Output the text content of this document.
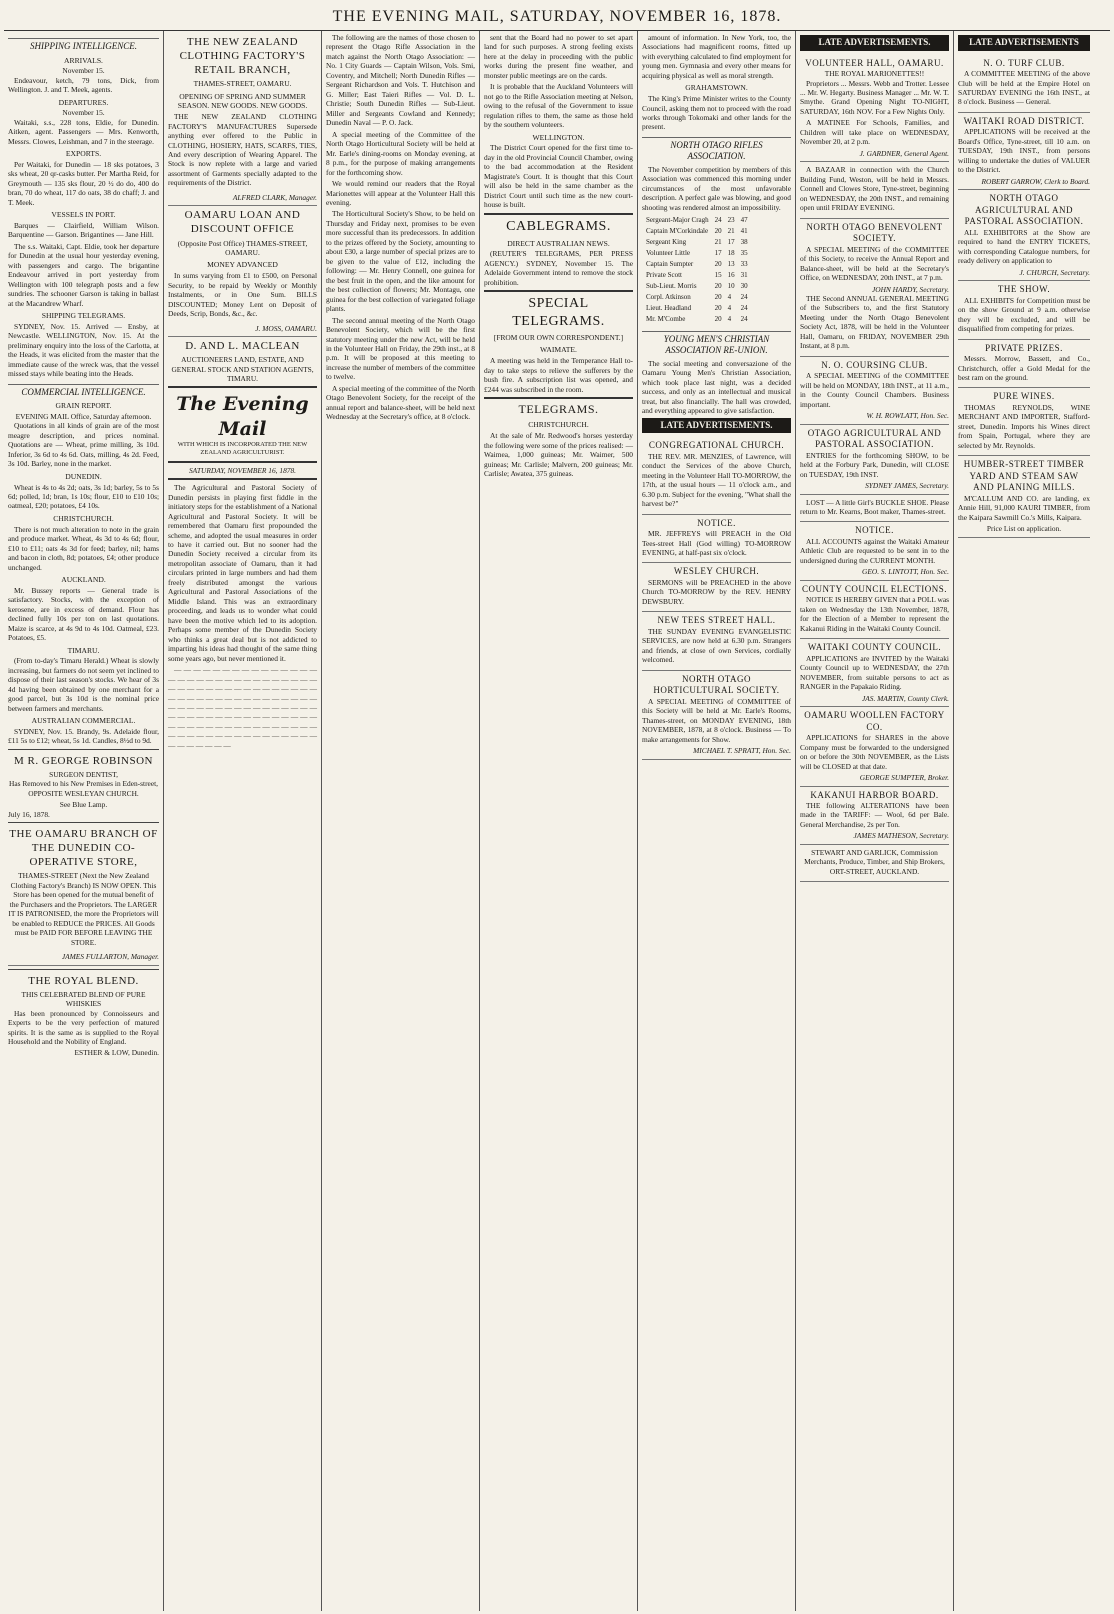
THE EVENING MAIL, SATURDAY, NOVEMBER 16, 1878.
SHIPPING INTELLIGENCE.
ARRIVALS.
November 15.

Endeavour, ketch, 79 tons, Dick, from Wellington. J. and T. Meek, agents.

DEPARTURES.
November 15.

Waitaki, s.s., 228 tons, Eldie, for Dunedin. Aitken, agent. Passengers — Mrs. Kenworth, Messrs. Clowes, Leishman, and 7 in the steerage.

EXPORTS.

Per Waitaki, for Dunedin — 18 sks potatoes, 3 sks wheat, 20 qr-casks butter. Per Martha Reid, for Greymouth — 135 sks flour, 20 ½ do do, 400 do bran, 70 do wheat, 117 do oats, 38 do chaff; J. and T. Meek.

VESSELS IN PORT.

Barques — Clairfield, William Wilson. Barquentine — Garson. Brigantines — Jane Hill.

The s.s. Waitaki, Capt. Eldie, took her departure for Dunedin at the usual hour yesterday evening, with passengers and cargo. The brigantine Endeavour arrived in port yesterday from Wellington with 100 telegraph posts and a few sundries. The schooner Garson is taking in ballast at the Macandrew Wharf.

SHIPPING TELEGRAMS.

SYDNEY, Nov. 15. Arrived — Ensby, at Newcastle. WELLINGTON, Nov. 15. At the preliminary enquiry into the loss of the Carlotta, at the Heads, it was elicited from the master that the immediate cause of the wreck was, that the vessel missed stays while beating into the Heads.

COMMERCIAL INTELLIGENCE.
GRAIN REPORT.
EVENING MAIL Office, Saturday afternoon.

Quotations in all kinds of grain are of the most meagre description, and prices nominal. Quotations are — Wheat, prime milling, 3s 10d. Inferior, 3s 6d to 4s 6d. Oats, milling, 4s 2d. Feed, 3s 10d. Barley, none in the market.

DUNEDIN.

Wheat is 4s to 4s 2d; oats, 3s 1d; barley, 5s to 5s 6d; polled, 1d; bran, 1s 10s; flour, £10 to £10 10s; oatmeal, £20; potatoes, £4 10s.

CHRISTCHURCH.

There is not much alteration to note in the grain and produce market. Wheat, 4s 3d to 4s 6d; flour, £10 to £11; oats 4s 3d for feed; barley, nil; hams and bacon in cloth, 8d; potatoes, £4; other produce unchanged.

AUCKLAND.

Mr. Bussey reports — General trade is satisfactory. Stocks, with the exception of kerosene, are in excess of demand. Flour has declined fully 10s per ton on last quotations. Maize is scarce, at 4s 9d to 4s 10d. Oatmeal, £23. Potatoes, £5.

TIMARU.

(From to-day's Timaru Herald.) Wheat is slowly increasing, but farmers do not seem yet inclined to dispose of their last season's stocks. We hear of 3s 4d having been obtained by one merchant for a good parcel, but 3s 10d is the nominal price between farmers and merchants.

AUSTRALIAN COMMERCIAL.

SYDNEY, Nov. 15. Brandy, 9s. Adelaide flour, £11 5s to £12; wheat, 5s 1d. Candles, 8½d to 9d.

M R. GEORGE ROBINSON
SURGEON DENTIST,

Has Removed to his New Premises in Eden-street, OPPOSITE WESLEYAN CHURCH.

See Blue Lamp.
July 16, 1878.
THE OAMARU BRANCH OF THE DUNEDIN CO-OPERATIVE STORE,

THAMES-STREET (Next the New Zealand Clothing Factory's Branch) IS NOW OPEN. This Store has been opened for the mutual benefit of the Purchasers and the Proprietors. The LARGER IT IS PATRONISED, the more the Proprietors will be enabled to REDUCE the PRICES. All Goods must be PAID FOR BEFORE LEAVING THE STORE.

JAMES FULLARTON, Manager.
THE ROYAL BLEND.
THIS CELEBRATED BLEND OF PURE WHISKIES

Has been pronounced by Connoisseurs and Experts to be the very perfection of matured spirits. It is the same as is supplied to the Royal Household and the Nobility of England.

ESTHER & LOW, Dunedin.
THE NEW ZEALAND CLOTHING FACTORY'S RETAIL BRANCH,
THAMES-STREET, OAMARU.
OPENING OF SPRING AND SUMMER SEASON. NEW GOODS. NEW GOODS.

THE NEW ZEALAND CLOTHING FACTORY'S MANUFACTURES Supersede anything ever offered to the Public in CLOTHING, HOSIERY, HATS, SCARFS, TIES, And every description of Wearing Apparel. The Stock is now replete with a large and varied assortment of Garments specially adapted to the requirements of the District.

ALFRED CLARK, Manager.
OAMARU LOAN AND DISCOUNT OFFICE
(Opposite Post Office) THAMES-STREET, OAMARU.
MONEY ADVANCED

In sums varying from £1 to £500, on Personal Security, to be repaid by Weekly or Monthly Instalments, or in One Sum. BILLS DISCOUNTED; Money Lent on Deposit of Deeds, Scrip, Bonds, &c., &c.

J. MOSS, OAMARU.
D. AND L. MACLEAN

AUCTIONEERS LAND, ESTATE, AND GENERAL STOCK AND STATION AGENTS, TIMARU.

The Evening Mail
WITH WHICH IS INCORPORATED THE NEW ZEALAND AGRICULTURIST.
SATURDAY, NOVEMBER 16, 1878.

The Agricultural and Pastoral Society of Dunedin persists in playing first fiddle in the initiatory steps for the establishment of a National Agricultural and Pastoral Society. It will be remembered that Oamaru first propounded the scheme, and adopted the usual measures in order to have it carried out. But no sooner had the Dunedin Society received a circular from its metropolitan associate of Oamaru, than it had circulars printed in large numbers and had them freely distributed amongst the various Agricultural and Pastoral Associations of the Middle Island. This was an extraordinary proceeding, and leads us to wonder what could have been the motive which led to its adoption. Perhaps some member of the Dunedin Society who thinks a great deal but is not addicted to imparting his ideas had thought of the same thing some years ago, but never mentioned it.

— — — — — — — — — — — — — — — — — — — — — — — — — — — — — — — — — — — — — — — — — — — — — — — — — — — — — — — — — — — — — — — — — — — — — — — — — — — — — — — — — — — — — — — — — — — — — — — — — — — — — — — — — — — — — — — — — — — — — — — — — — — — — — — — — — — — — —

The following are the names of those chosen to represent the Otago Rifle Association in the match against the North Otago Association: — No. 1 City Guards — Captain Wilson, Vols. Smi, Coventry, and Mitchell; North Dunedin Rifles — Sergeant Richardson and Vols. T. Hutchison and G. Miller; East Taieri Rifles — Vol. D. L. Christie; South Dunedin Rifles — Sub-Lieut. Miller and Sergeants Cowland and Kennedy; Dunedin Naval — P. O. Jack.

A special meeting of the Committee of the North Otago Horticultural Society will be held at Mr. Earle's dining-rooms on Monday evening, at 8 p.m., for the purpose of making arrangements for the forthcoming show.

We would remind our readers that the Royal Marionettes will appear at the Volunteer Hall this evening.

The Horticultural Society's Show, to be held on Thursday and Friday next, promises to be even more successful than its predecessors. In addition to the prizes offered by the Society, amounting to about £30, a large number of special prizes are to be given to the value of £12, including the following: — Mr. Henry Connell, one guinea for the best fruit in the open, and the like amount for the best collection of flowers; Mr. Montagu, one guinea for the best collection of variegated foliage plants.

The second annual meeting of the North Otago Benevolent Society, which will be the first statutory meeting under the new Act, will be held in the Volunteer Hall on Friday, the 29th inst., at 8 p.m. It will be proposed at this meeting to increase the number of members of the committee to twelve.

A special meeting of the committee of the North Otago Benevolent Society, for the receipt of the annual report and balance-sheet, will be held next Wednesday at the Secretary's office, at 8 o'clock.

sent that the Board had no power to set apart land for such purposes. A strong feeling exists here at the delay in proceeding with the public works during the present fine weather, and monster public meetings are on the cards.

It is probable that the Auckland Volunteers will not go to the Rifle Association meeting at Nelson, owing to the refusal of the Government to issue regulation rifles to them, the same as those held by the southern volunteers.

WELLINGTON.

The District Court opened for the first time to-day in the old Provincial Council Chamber, owing to the bad accommodation at the Resident Magistrate's Court. It is thought that this Court will also be held in the same chamber as the District Court until such time as the new court-house is built.

CABLEGRAMS.
DIRECT AUSTRALIAN NEWS.

(REUTER'S TELEGRAMS, PER PRESS AGENCY.) SYDNEY, November 15. The Adelaide Government intend to remove the stock prohibition.

SPECIAL TELEGRAMS.
[FROM OUR OWN CORRESPONDENT.]
WAIMATE.

A meeting was held in the Temperance Hall to-day to take steps to relieve the sufferers by the bush fire. A subscription list was opened, and £244 was subscribed in the room.

TELEGRAMS.
CHRISTCHURCH.

At the sale of Mr. Redwood's horses yesterday the following were some of the prices realised: — Waimea, 1,000 guineas; Mr. Waimer, 500 guineas; Mr. Carlisle; Malvern, 200 guineas; Mr. Carlisle; Awatea, 375 guineas.

amount of information. In New York, too, the Associations had magnificent rooms, fitted up with everything calculated to find employment for young men. Gymnasia and every other means for acquiring physical as well as moral strength.

GRAHAMSTOWN.

The King's Prime Minister writes to the County Council, asking them not to proceed with the road works through Tokomaki and other lands for the present.

NORTH OTAGO RIFLES ASSOCIATION.

The November competition by members of this Association was commenced this morning under circumstances of the most unfavorable description. A perfect gale was blowing, and good shooting was rendered almost an impossibility.

Sergeant-Major Cragh	24	23	47
Captain M'Corkindale	20	21	41
Sergeant King	21	17	38
Volunteer Little	17	18	35
Captain Sumpter	20	13	33
Private Scott	15	16	31
Sub-Lieut. Morris	20	10	30
Corpl. Atkinson	20	4	24
Lieut. Headland	20	4	24
Mr. M'Combe	20	4	24
YOUNG MEN'S CHRISTIAN ASSOCIATION RE-UNION.

The social meeting and conversazione of the Oamaru Young Men's Christian Association, which took place last night, was a decided success, and only as an intellectual and musical treat, but also financially. The hall was crowded, and everything appeared to give satisfaction.

LATE ADVERTISEMENTS.
CONGREGATIONAL CHURCH.

THE REV. MR. MENZIES, of Lawrence, will conduct the Services of the above Church, meeting in the Volunteer Hall TO-MORROW, the 17th, at the usual hours — 11 o'clock a.m., and 6.30 p.m. Subject for the evening, "What shall the harvest be?"

NOTICE.

MR. JEFFREYS will PREACH in the Old Tees-street Hall (God willing) TO-MORROW EVENING, at half-past six o'clock.

WESLEY CHURCH.

SERMONS will be PREACHED in the above Church TO-MORROW by the REV. HENRY DEWSBURY.

NEW TEES STREET HALL.

THE SUNDAY EVENING EVANGELISTIC SERVICES, are now held at 6.30 p.m. Strangers and friends, at close of own Services, cordially welcomed.

NORTH OTAGO HORTICULTURAL SOCIETY.

A SPECIAL MEETING of COMMITTEE of this Society will be held at Mr. Earle's Rooms, Thames-street, on MONDAY EVENING, 18th NOVEMBER, 1878, at 8 o'clock. Business — To make arrangements for Show.

MICHAEL T. SPRATT, Hon. Sec.
LATE ADVERTISEMENTS.
VOLUNTEER HALL, OAMARU.
THE ROYAL MARIONETTES!!

Proprietors ... Messrs. Webb and Trotter. Lessee ... Mr. W. Hegarty. Business Manager ... Mr. W. T. Smythe. Grand Opening Night TO-NIGHT, SATURDAY, 16th NOV. For a Few Nights Only.

A MATINEE For Schools, Families, and Children will take place on WEDNESDAY, November 20, at 2 p.m.

J. GARDNER, General Agent.

A BAZAAR in connection with the Church Building Fund, Weston, will be held in Messrs. Connell and Clowes Store, Tyne-street, beginning on WEDNESDAY, the 20th INST., and remaining open until FRIDAY EVENING.

NORTH OTAGO BENEVOLENT SOCIETY.

A SPECIAL MEETING of the COMMITTEE of this Society, to receive the Annual Report and Balance-sheet, will be held at the Secretary's Office, on WEDNESDAY, 20th INST., at 7 p.m.

JOHN HARDY, Secretary.

THE Second ANNUAL GENERAL MEETING of the Subscribers to, and the first Statutory Meeting under the North Otago Benevolent Society Act, 1878, will be held in the Volunteer Hall, Oamaru, on FRIDAY, NOVEMBER 29th Instant, at 8 p.m.

N. O. COURSING CLUB.

A SPECIAL MEETING of the COMMITTEE will be held on MONDAY, 18th INST., at 11 a.m., in the County Council Chambers. Business important.

W. H. ROWLATT, Hon. Sec.
OTAGO AGRICULTURAL AND PASTORAL ASSOCIATION.

ENTRIES for the forthcoming SHOW, to be held at the Forbury Park, Dunedin, will CLOSE on TUESDAY, 19th INST.

SYDNEY JAMES, Secretary.

LOST — A little Girl's BUCKLE SHOE. Please return to Mr. Kearns, Boot maker, Thames-street.

NOTICE.

ALL ACCOUNTS against the Waitaki Amateur Athletic Club are requested to be sent in to the undersigned during the CURRENT MONTH.

GEO. S. LINTOTT, Hon. Sec.
COUNTY COUNCIL ELECTIONS.

NOTICE IS HEREBY GIVEN that a POLL was taken on Wednesday the 13th November, 1878, for the Election of a Member to represent the Kakanui Riding in the Waitaki County Council.

WAITAKI COUNTY COUNCIL.

APPLICATIONS are INVITED by the Waitaki County Council up to WEDNESDAY, the 27th NOVEMBER, from suitable persons to act as RANGER in the Papakaio Riding.

JAS. MARTIN, County Clerk.
OAMARU WOOLLEN FACTORY CO.

APPLICATIONS for SHARES in the above Company must be forwarded to the undersigned on or before the 30th NOVEMBER, as the Lists will be CLOSED at that date.

GEORGE SUMPTER, Broker.
KAKANUI HARBOR BOARD.

THE following ALTERATIONS have been made in the TARIFF: — Wool, 6d per Bale. General Merchandise, 2s per Ton.

JAMES MATHESON, Secretary.

STEWART AND GARLICK, Commission Merchants, Produce, Timber, and Ship Brokers, ORT-STREET, AUCKLAND.

LATE ADVERTISEMENTS
N. O. TURF CLUB.

A COMMITTEE MEETING of the above Club will be held at the Empire Hotel on SATURDAY EVENING the 16th INST., at 8 o'clock. Business — General.

WAITAKI ROAD DISTRICT.

APPLICATIONS will be received at the Board's Office, Tyne-street, till 10 a.m. on TUESDAY, 19th INST., from persons willing to undertake the duties of VALUER to the District.

ROBERT GARROW, Clerk to Board.
NORTH OTAGO AGRICULTURAL AND PASTORAL ASSOCIATION.

ALL EXHIBITORS at the Show are required to hand the ENTRY TICKETS, with corresponding Catalogue numbers, for ready delivery on application to

J. CHURCH, Secretary.
THE SHOW.

ALL EXHIBITS for Competition must be on the show Ground at 9 a.m. otherwise they will be excluded, and will be disqualified from competing for prizes.

PRIVATE PRIZES.

Messrs. Morrow, Bassett, and Co., Christchurch, offer a Gold Medal for the best ram on the ground.

PURE WINES.

THOMAS REYNOLDS, WINE MERCHANT AND IMPORTER, Stafford-street, Dunedin. Imports his Wines direct from Spain, Portugal, where they are selected by Mr. Reynolds.

HUMBER-STREET TIMBER YARD AND STEAM SAW AND PLANING MILLS.

M'CALLUM AND CO. are landing, ex Annie Hill, 91,000 KAURI TIMBER, from the Kaipara Sawmill Co.'s Mills, Kaipara.

Price List on application.
